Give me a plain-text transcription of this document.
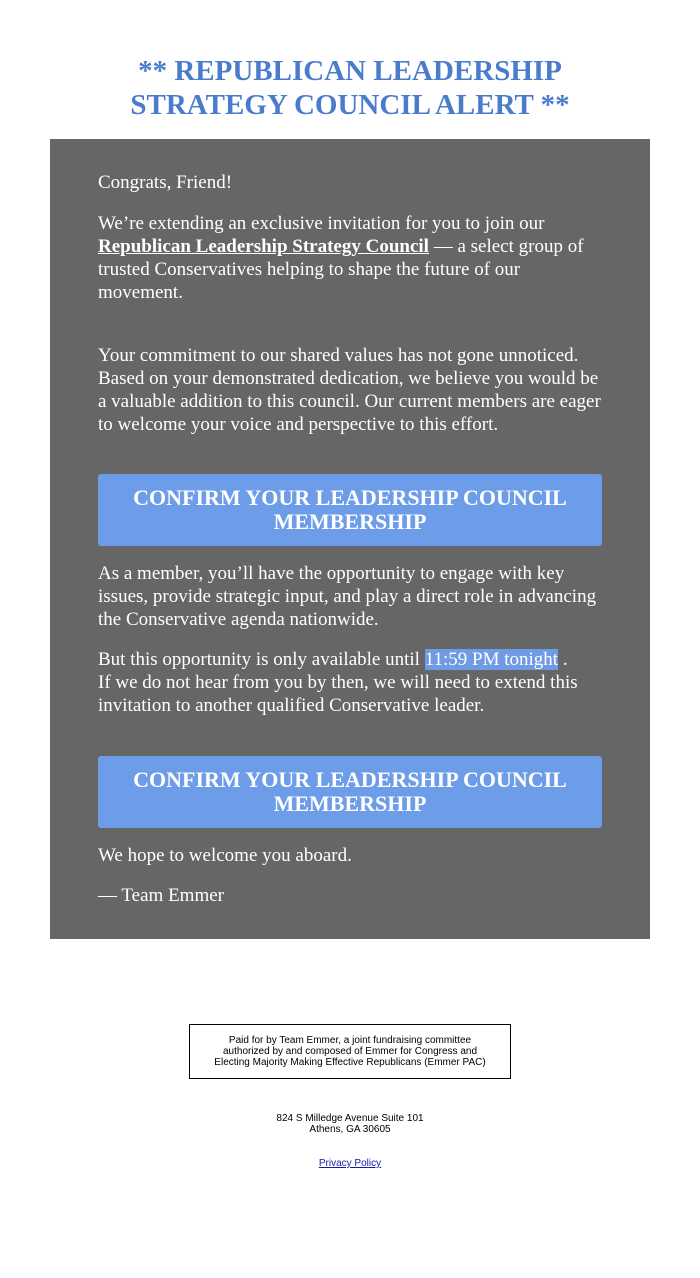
** REPUBLICAN LEADERSHIP
STRATEGY COUNCIL ALERT **

Congrats, Friend!

We’re extending an exclusive invitation for you to join our Republican Leadership Strategy Council — a select group of trusted Conservatives helping to shape the future of our movement.

Your commitment to our shared values has not gone unnoticed. Based on your demonstrated dedication, we believe you would be a valuable addition to this council. Our current members are eager to welcome your voice and perspective to this effort.

CONFIRM YOUR LEADERSHIP COUNCIL MEMBERSHIP

As a member, you’ll have the opportunity to engage with key issues, provide strategic input, and play a direct role in advancing the Conservative agenda nationwide.

But this opportunity is only available until 11:59 PM tonight .
If we do not hear from you by then, we will need to extend this invitation to another qualified Conservative leader.

CONFIRM YOUR LEADERSHIP COUNCIL MEMBERSHIP

We hope to welcome you aboard.

— Team Emmer

Paid for by Team Emmer, a joint fundraising committee
authorized by and composed of Emmer for Congress and
Electing Majority Making Effective Republicans (Emmer PAC)
824 S Milledge Avenue Suite 101
Athens, GA 30605
Privacy Policy
